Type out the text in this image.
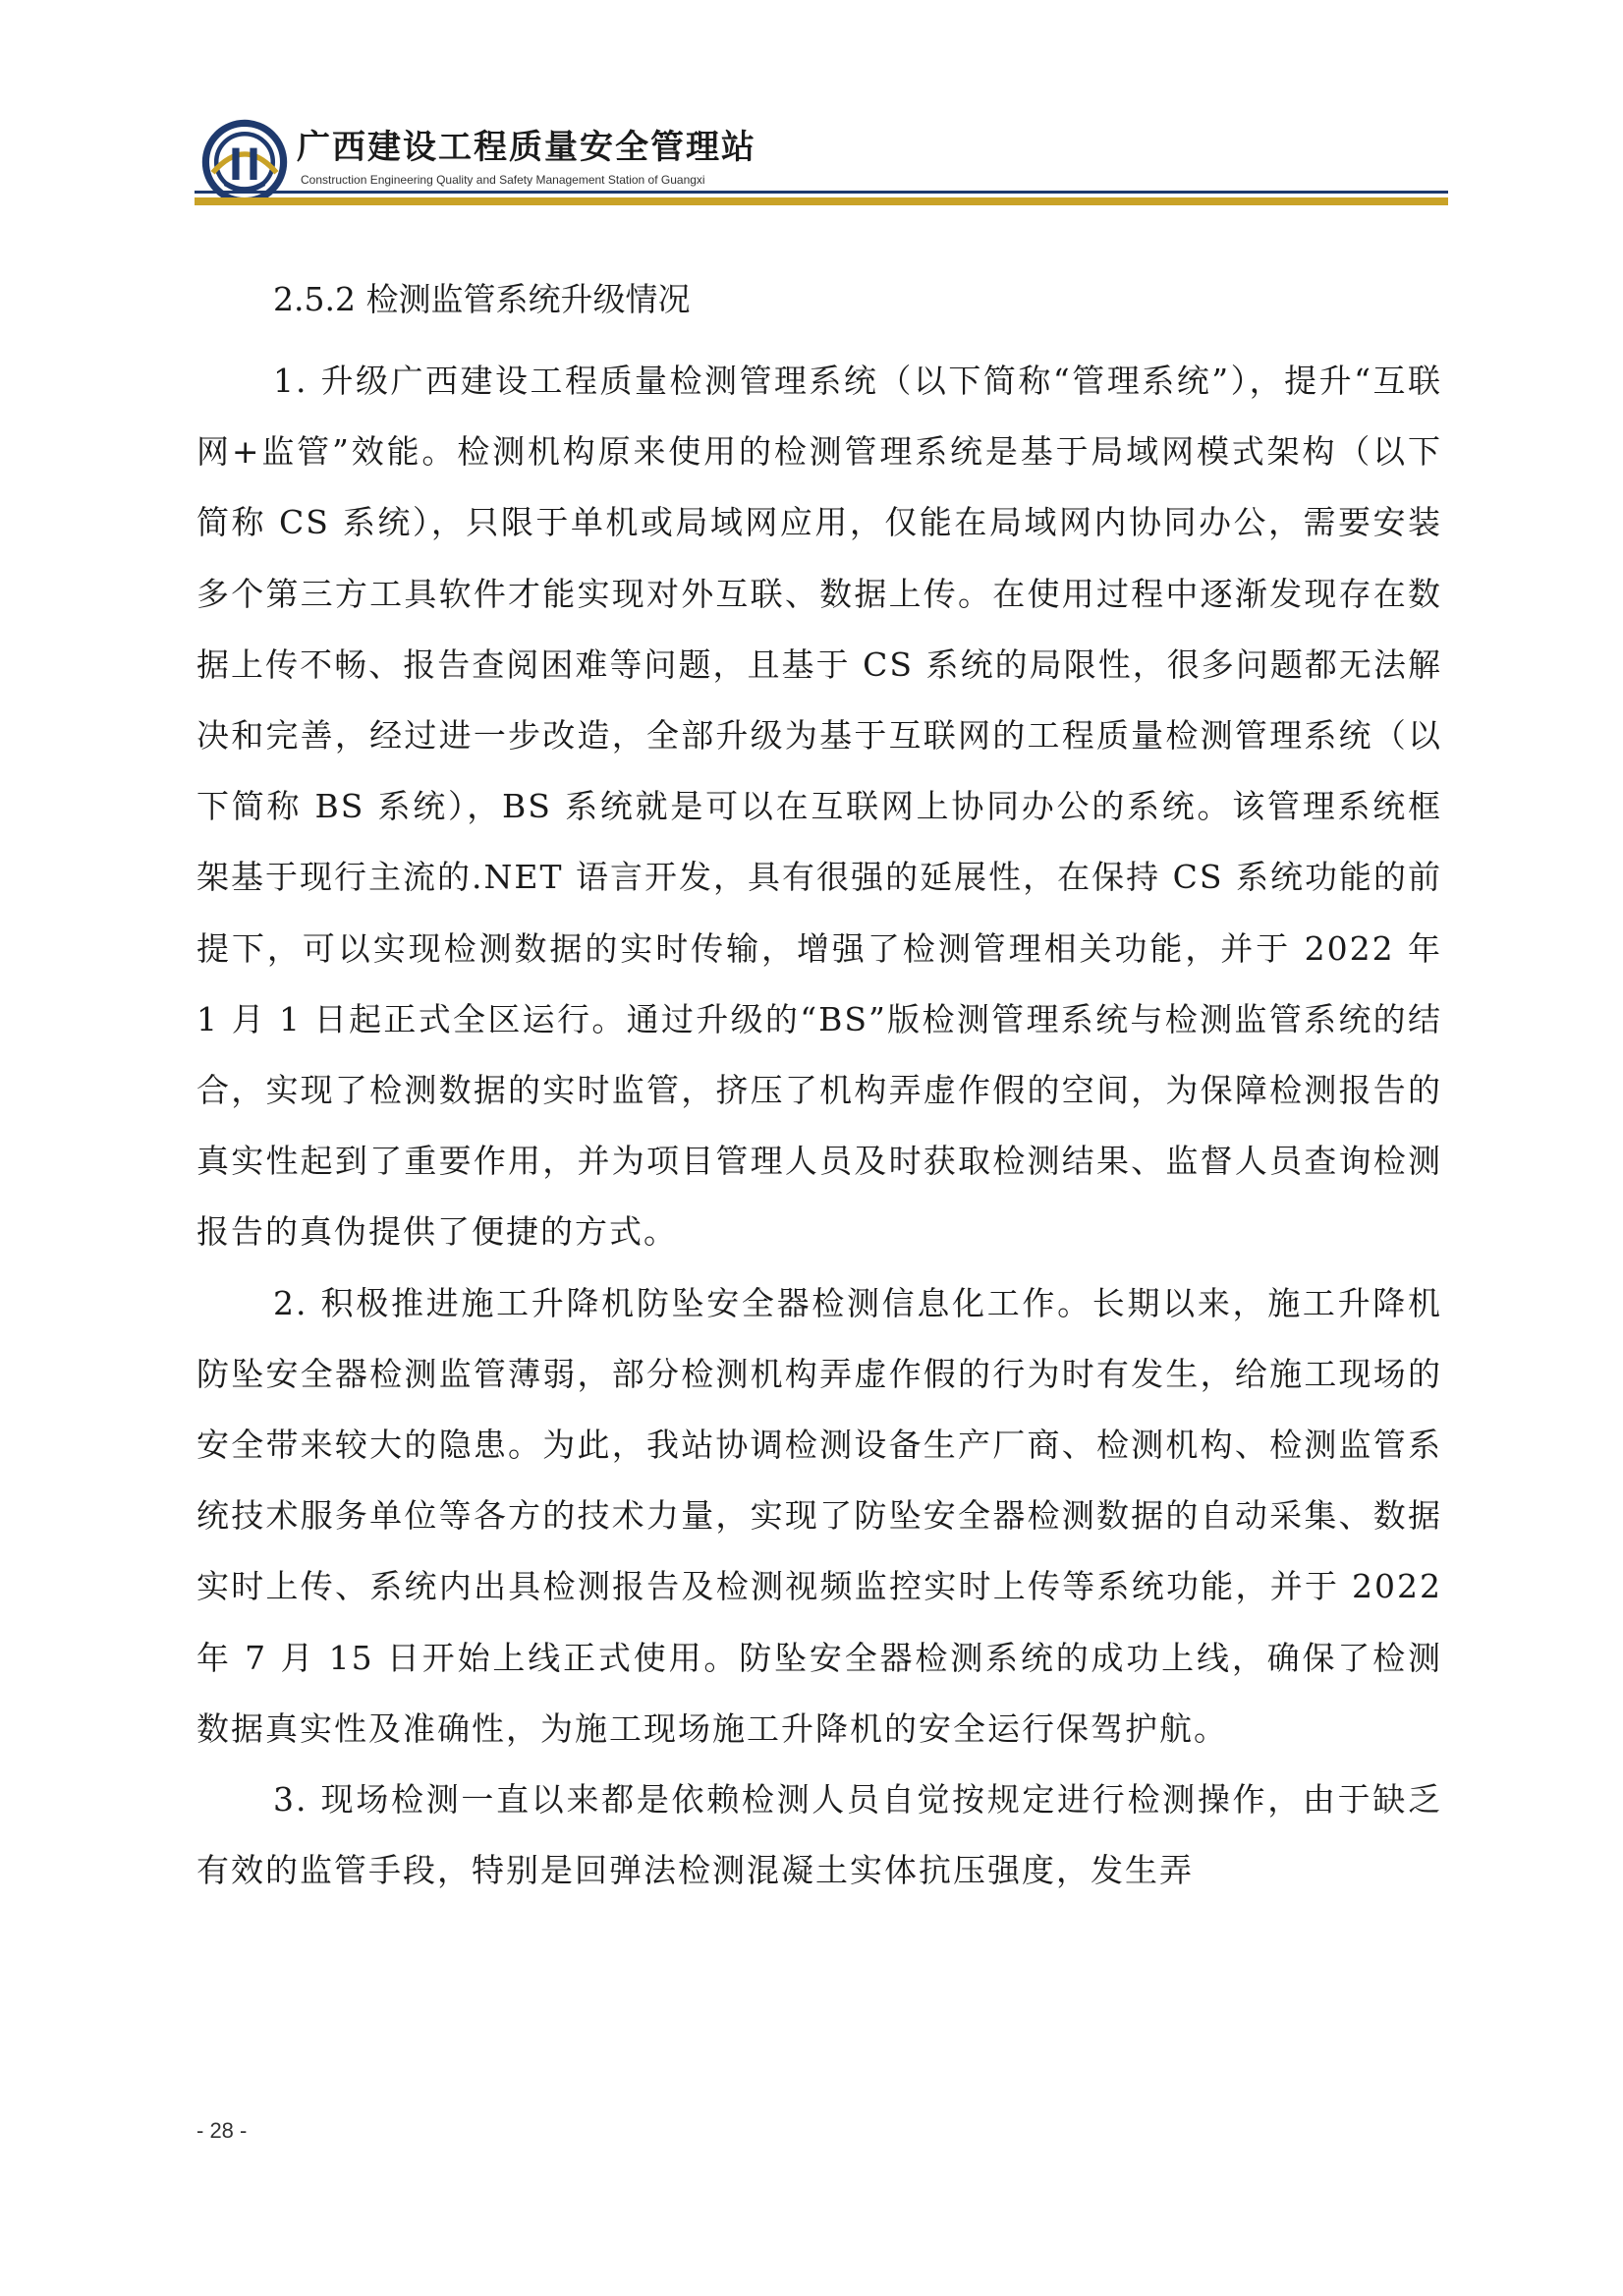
广西建设工程质量安全管理站
Construction Engineering Quality and Safety Management Station of Guangxi
2.5.2 检测监管系统升级情况

1. 升级广西建设工程质量检测管理系统（以下简称“管理系统”），提升“互联网+监管”效能。检测机构原来使用的检测管理系统是基于局域网模式架构（以下简称 CS 系统），只限于单机或局域网应用，仅能在局域网内协同办公，需要安装多个第三方工具软件才能实现对外互联、数据上传。在使用过程中逐渐发现存在数据上传不畅、报告查阅困难等问题，且基于 CS 系统的局限性，很多问题都无法解决和完善，经过进一步改造，全部升级为基于互联网的工程质量检测管理系统（以下简称 BS 系统），BS 系统就是可以在互联网上协同办公的系统。该管理系统框架基于现行主流的.NET 语言开发，具有很强的延展性，在保持 CS 系统功能的前提下，可以实现检测数据的实时传输，增强了检测管理相关功能，并于 2022 年 1 月 1 日起正式全区运行。通过升级的“BS”版检测管理系统与检测监管系统的结合，实现了检测数据的实时监管，挤压了机构弄虚作假的空间，为保障检测报告的真实性起到了重要作用，并为项目管理人员及时获取检测结果、监督人员查询检测报告的真伪提供了便捷的方式。

2. 积极推进施工升降机防坠安全器检测信息化工作。长期以来，施工升降机防坠安全器检测监管薄弱，部分检测机构弄虚作假的行为时有发生，给施工现场的安全带来较大的隐患。为此，我站协调检测设备生产厂商、检测机构、检测监管系统技术服务单位等各方的技术力量，实现了防坠安全器检测数据的自动采集、数据实时上传、系统内出具检测报告及检测视频监控实时上传等系统功能，并于 2022 年 7 月 15 日开始上线正式使用。防坠安全器检测系统的成功上线，确保了检测数据真实性及准确性，为施工现场施工升降机的安全运行保驾护航。

3. 现场检测一直以来都是依赖检测人员自觉按规定进行检测操作，由于缺乏有效的监管手段，特别是回弹法检测混凝土实体抗压强度，发生弄

- 28 -
